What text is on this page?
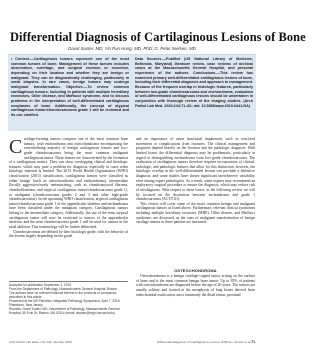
Differential Diagnosis of Cartilaginous Lesions of Bone
David Suster, MD; Yin Pun Hung, MD, PhD; G. Petur Nielsen, MD
• Context.—Cartilaginous tumors represent one of the most common tumors of bone. Management of these tumors includes observation, curettage, and surgical excision or resection, depending on their location and whether they are benign or malignant. They can be diagnostically challenging, particularly in small biopsies. In rare cases, benign tumors may undergo malignant transformation. Objective.—To review common cartilaginous tumors, including in patients with multiple hereditary exostoses, Ollier disease, and Maffucci syndrome, and to discuss problems in the interpretation of well-differentiated cartilaginous neoplasms of bone. Additionally, the concept of atypical cartilaginous tumor/chondrosarcoma grade 1 will be reviewed and its use clarified.
Data Sources.—PubMed (US National Library of Medicine, Bethesda, Maryland) literature review, case reviews of archival cases at the Massachusetts General Hospital, and personal experience of the authors. Conclusions.—This review has examined primary well-differentiated cartilaginous lesions of bone, including their differential diagnosis and approach to management. Because of the frequent overlap in histologic features, particularly between low-grade chondrosarcoma and enchondroma, evaluation of well-differentiated cartilaginous lesions should be undertaken in conjunction with thorough review of the imaging studies. (Arch Pathol Lab Med. 2020;144:71–82; doi: 10.5858/arpa.2019-0441-RA)

Cartilage-forming tumors comprise one of the most common bone tumors, with enchondroma and osteochondroma encompassing the overwhelming majority of benign cartilaginous lesions and low-grade chondrosarcoma being the most common malignant cartilaginous tumor. These tumors are characterized by the formation of a cartilaginous matrix. They can show overlapping clinical and histologic features, which may pose a problem for diagnosis, especially in cases when histology material is limited. The 2013 World Health Organization (WHO) classification (2013) classification, cartilaginous tumors were classified as either benign (such as osteochondroma and enchondroma), intermediate (locally aggressive/rarely metastasizing, such as chondromyxoid fibroma, chondroblastoma, and atypical cartilaginous tumor/chondrosarcoma grade 1), or malignant (chondrosarcoma grades 2 and 3 and other high-grade chondrosarcomas). In the upcoming WHO classification, atypical cartilaginous tumor/chondrosarcoma grade 1 of the appendicular skeleton and enchondroma have been classified under the malignant category. Cartilaginous tumors belong to the intermediate category. Additionally, the use of the term atypical cartilaginous tumor will now be restricted to tumors of the appendicular skeleton, and the term chondrosarcoma grade 1 will be used for tumors in the axial skeleton. This terminology will be further delineated.

Chondrosarcomas are defined by their histologic grade, with the behavior of the lesions largely depending on the grade

Accepted for publication September 3, 2019.

From the Department of Pathology, Massachusetts General Hospital, Boston.

The authors have no relevant financial interest in the products or companies described in this article.

Presented at the 6th Princeton Integrated Pathology Symposium; April 7, 2019; Plainsboro, New Jersey.

Reprints: David Suster, MD, Department of Pathology, Massachusetts General Hospital, 55 Fruit St, Boston, MA 02114 (email: dsuster@mgh.harvard.edu).

and on importance of cause functional impairment, such as restricted movement or complications from fractures. The clinical management and prognosis depend heavily on the location and the pathologic diagnosis. With limited tissue, the differential diagnosis may be problematic, particularly in regard to distinguishing enchondroma from low-grade chondrosarcoma. The evaluation of cartilaginous tumors therefore requires incorporation of clinical, radiologic, and pathologic features that allow for this distinction; however, the histologic overlap in the well-differentiated lesions can preclude a definitive diagnosis, and some studies have shown significant interobserver variability even among expert pathologists. As a result, some experts may recommend an exploratory surgical procedure to ensure the diagnosis, which may reduce risk of misdiagnosis. With respect to these issues, in the following review we will be focused on the distinction between enchondroma and grade 1 chondrosarcoma (ACT/CS1).

This review will cover some of the more common benign and malignant cartilaginous tumors as listed above. Furthermore, relevant clinical syndromes including multiple hereditary exostoses (MHE), Ollier disease, and Maffucci syndrome, are discussed, as the rates of malignant transformation of benign cartilage tumors in these patients are increased.

OSTEOCHONDROMA

Osteochondroma is a benign cartilage-capped tumor arising on the surface of bone and is the most common benign bone tumor. Up to 85% of patients with osteochondroma are diagnosed before the age of 20 years. The tumors are usually solitary and located at the metaphysis of long bones derived from endochondral ossification, most commonly the distal femur, proximal

Arch Pathol Lab Med—Vol 144, January 2020	Differential Diagnosis of Cartilaginous Lesions of Bone—Suster et al 71
